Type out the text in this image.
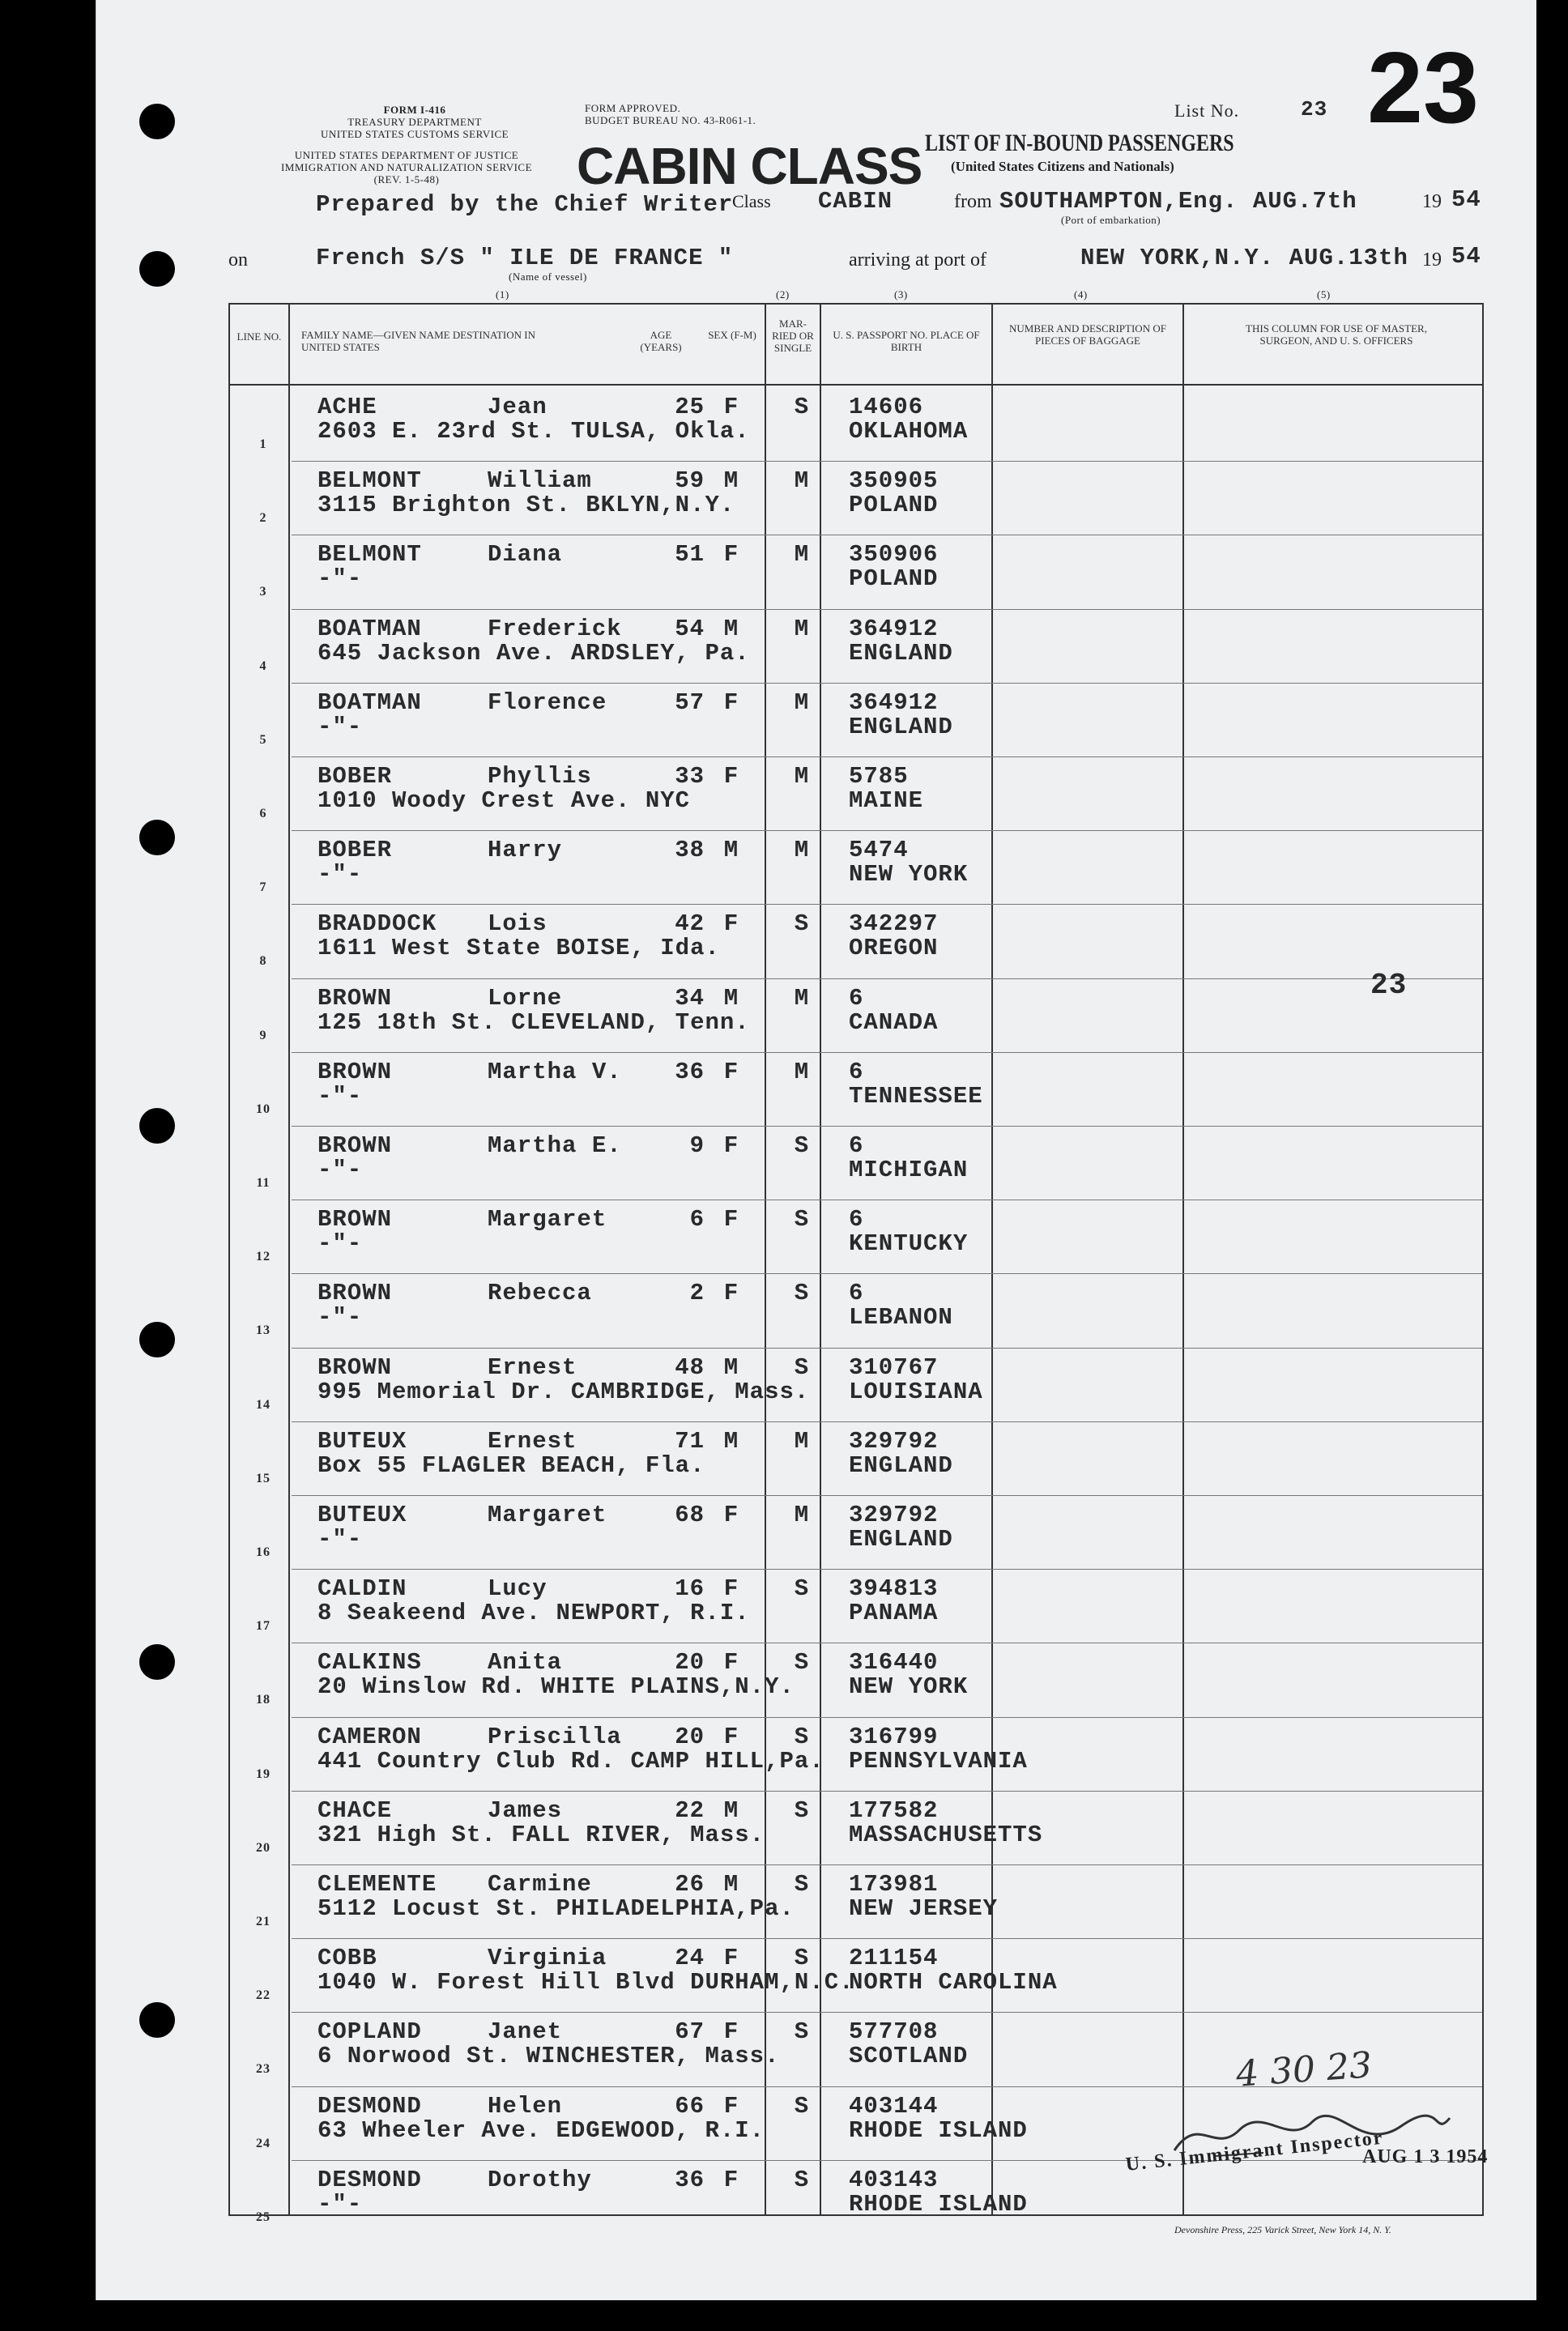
FORM I-416
TREASURY DEPARTMENT
UNITED STATES CUSTOMS SERVICE
UNITED STATES DEPARTMENT OF JUSTICE
IMMIGRATION AND NATURALIZATION SERVICE
(REV. 1-5-48)
FORM APPROVED.
BUDGET BUREAU NO. 43-R061-1.
CABIN CLASS LIST OF IN-BOUND PASSENGERS
(United States Citizens and Nationals)
List No.	23 23
Prepared by the Chief Writer
Class CABIN	from SOUTHAMPTON,Eng. AUG.7th	19 54
(Port of embarkation)
on	French S/S " ILE DE FRANCE "
(Name of vessel)
arriving at port of	NEW YORK,N.Y. AUG.13th 19 54
(1)	(2)	(3)	(4)	(5)
LINE NO. FAMILY NAME—GIVEN NAME DESTINATION IN UNITED STATES
AGE (YEARS)
SEX (F-M)
MAR-RIED OR SINGLE
U. S. PASSPORT NO. PLACE OF BIRTH
NUMBER AND DESCRIPTION OF PIECES OF BAGGAGE
THIS COLUMN FOR USE OF MASTER, SURGEON, AND U. S. OFFICERS
1
ACHE	Jean	25 F	S	14606
2603 E. 23rd St. TULSA, Okla.	OKLAHOMA
2
BELMONT	William	59 M	M	350905
3115 Brighton St. BKLYN,N.Y.	POLAND
3
BELMONT	Diana	51 F	M	350906
-"-	POLAND
4
BOATMAN	Frederick 54 M	M	364912
645 Jackson Ave. ARDSLEY, Pa.	ENGLAND
5
BOATMAN	Florence	57 F	M	364912
-"-	ENGLAND
6
BOBER	Phyllis	33 F	M	5785
1010 Woody Crest Ave. NYC	MAINE
7
BOBER	Harry	38 M	M	5474
-"-	NEW YORK
8
BRADDOCK Lois	42 F	S	342297
1611 West State BOISE, Ida.	OREGON
9
BROWN	Lorne	34 M	M	6
125 18th St. CLEVELAND, Tenn.	CANADA
10
BROWN	Martha V. 36 F	M	6
-"-	TENNESSEE
11
BROWN	Martha E.	9 F	S	6
-"-	MICHIGAN
12
BROWN	Margaret	6 F	S	6
-"-	KENTUCKY
13
BROWN	Rebecca	2 F	S	6
-"-	LEBANON
14
BROWN	Ernest	48 M	S	310767
995 Memorial Dr. CAMBRIDGE, Mass. LOUISIANA
15
BUTEUX	Ernest	71 M	M	329792
Box 55 FLAGLER BEACH, Fla.	ENGLAND
16
BUTEUX	Margaret	68 F	M	329792
-"-	ENGLAND
17
CALDIN	Lucy	16 F	S	394813
8 Seakeend Ave. NEWPORT, R.I.	PANAMA
18
CALKINS	Anita	20 F	S	316440
20 Winslow Rd. WHITE PLAINS,N.Y. NEW YORK
19
CAMERON	Priscilla 20 F	S	316799
441 Country Club Rd. CAMP HILL,Pa. PENNSYLVANIA
20
CHACE	James	22 M	S	177582
321 High St. FALL RIVER, Mass.	MASSACHUSETTS
21
CLEMENTE Carmine	26 M	S	173981
5112 Locust St. PHILADELPHIA,Pa. NEW JERSEY
22
COBB	Virginia	24 F	S	211154
1040 W. Forest Hill Blvd DURHAM,N.C.
NORTH CAROLINA
23
COPLAND	Janet	67 F	S	577708
6 Norwood St. WINCHESTER, Mass.	SCOTLAND
24
DESMOND	Helen	66 F	S	403144
63 Wheeler Ave. EDGEWOOD, R.I.	RHODE ISLAND
25
DESMOND	Dorothy	36 F	S	403143
-"-	RHODE ISLAND
23
4 30 23
U. S. Immigrant Inspector
AUG 1 3 1954
Devonshire Press, 225 Varick Street, New York 14, N. Y.
